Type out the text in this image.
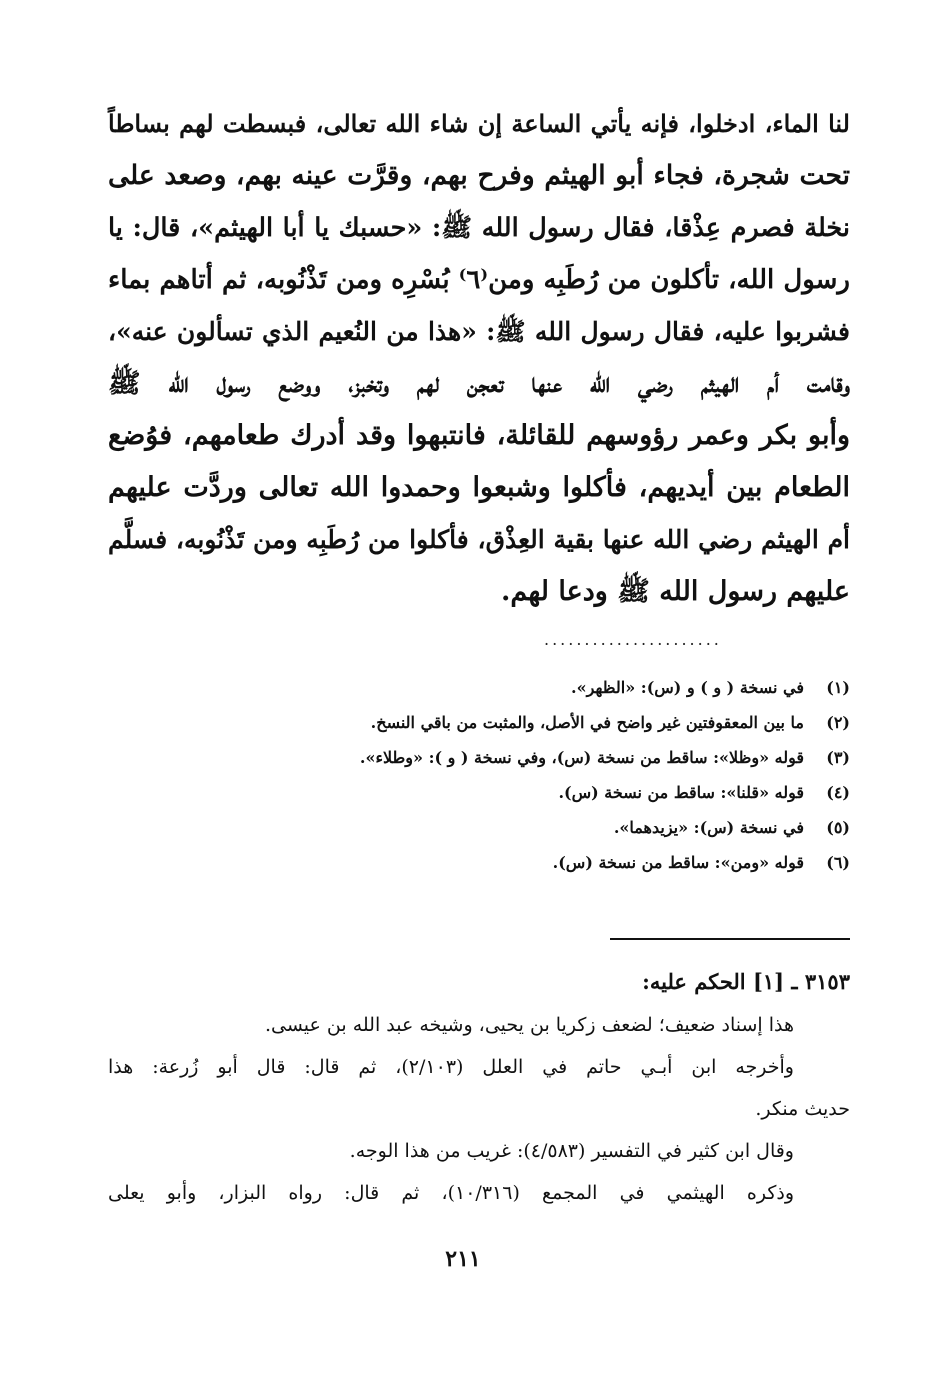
لنا الماء، ادخلوا، فإنه يأتي الساعة إن شاء الله تعالى، فبسطت لهم بساطاً
تحت شجرة، فجاء أبو الهيثم وفرح بهم، وقرَّت عينه بهم، وصعد على
نخلة فصرم عِذْقا، فقال رسول الله ﷺ: «حسبك يا أبا الهيثم»، قال: يا
رسول الله، تأكلون من رُطَبِه ومن⁽٦⁾ بُسْرِه ومن تَذْنُوبه، ثم أتاهم بماء
فشربوا عليه، فقال رسول الله ﷺ: «هذا من النُعيم الذي تسألون عنه»،
وقامت أم الهيثم رضي الله عنها تعجن لهم وتخبز، ووضع رسول الله ﷺ
وأبو بكر وعمر رؤوسهم للقائلة، فانتبهوا وقد أدرك طعامهم، فوُضع
الطعام بين أيديهم، فأكلوا وشبعوا وحمدوا الله تعالى وردَّت عليهم
أم الهيثم رضي الله عنها بقية العِذْق، فأكلوا من رُطَبِه ومن تَذْنُوبه، فسلَّم
عليهم رسول الله ﷺ ودعا لهم.
......................
(١)في نسخة ( و ) و (س): «الظهر».
(٢)ما بين المعقوفتين غير واضح في الأصل، والمثبت من باقي النسخ.
(٣)قوله «وظلا»: ساقط من نسخة (س)، وفي نسخة ( و ): «وطلاء».
(٤)قوله «قلنا»: ساقط من نسخة (س).
(٥)في نسخة (س): «يزيدهما».
(٦)قوله «ومن»: ساقط من نسخة (س).
٣١٥٣ ـ [١] الحكم عليه:
هذا إسناد ضعيف؛ لضعف زكريا بن يحيى، وشيخه عبد الله بن عيسى.
وأخرجه ابن أبـي حاتم في العلل (٢/١٠٣)، ثم قال: قال أبو زُرعة: هذا
حديث منكر.
وقال ابن كثير في التفسير (٤/٥٨٣): غريب من هذا الوجه.
وذكره الهيثمي في المجمع (١٠/٣١٦)، ثم قال: رواه البزار، وأبو يعلى
٢١١
